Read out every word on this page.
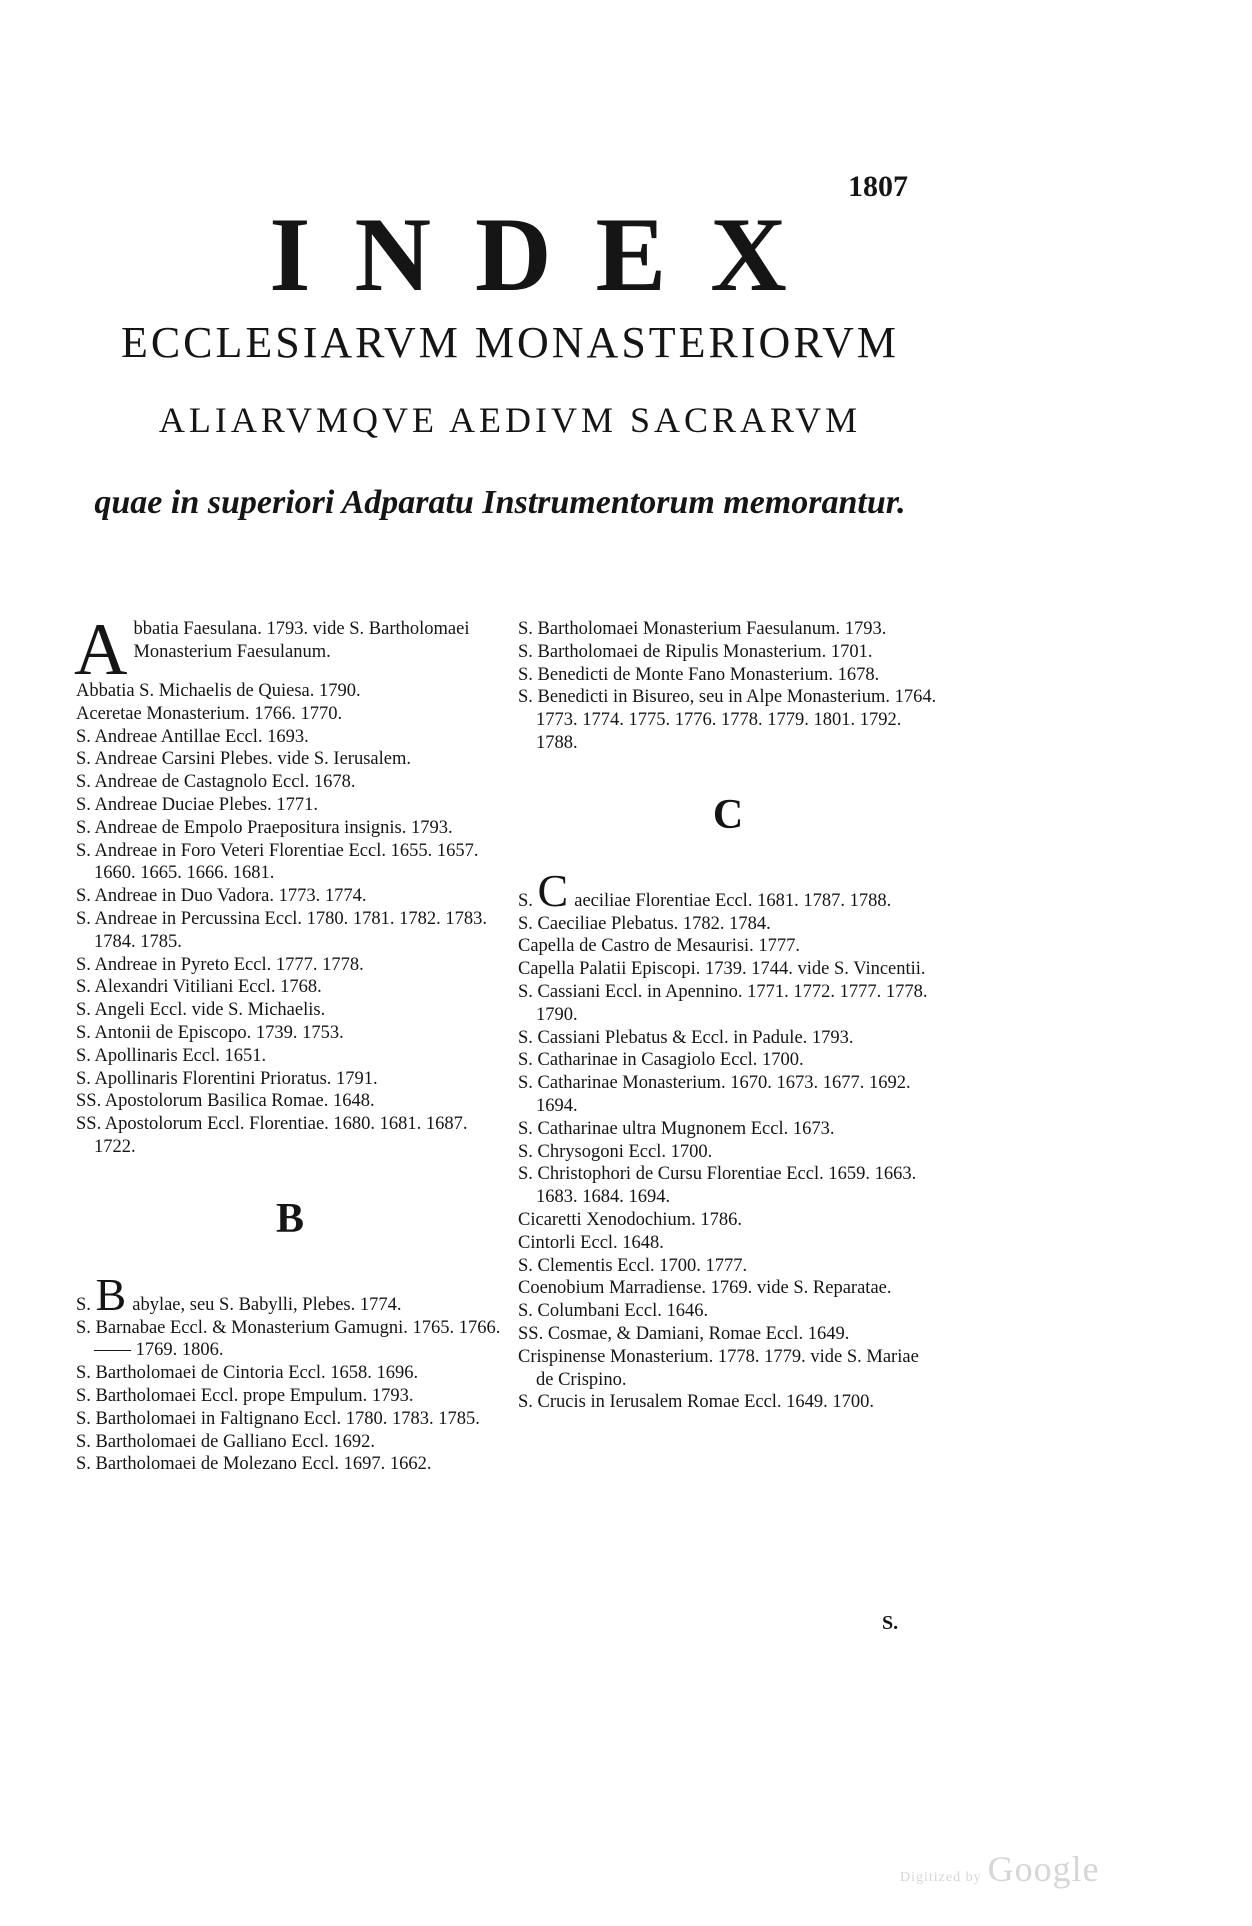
1807
INDEX
ECCLESIARVM MONASTERIORVM
ALIARVMQVE AEDIVM SACRARVM
quae in superiori Adparatu Instrumentorum memorantur.

A bbatia Faesulana. 1793. vide S. Bartholomaei Monasterium Faesulanum.

Abbatia S. Michaelis de Quiesa. 1790.

Aceretae Monasterium. 1766. 1770.

S. Andreae Antillae Eccl. 1693.

S. Andreae Carsini Plebes. vide S. Ierusalem.

S. Andreae de Castagnolo Eccl. 1678.

S. Andreae Duciae Plebes. 1771.

S. Andreae de Empolo Praepositura insignis. 1793.

S. Andreae in Foro Veteri Florentiae Eccl. 1655. 1657. 1660. 1665. 1666. 1681.

S. Andreae in Duo Vadora. 1773. 1774.

S. Andreae in Percussina Eccl. 1780. 1781. 1782. 1783. 1784. 1785.

S. Andreae in Pyreto Eccl. 1777. 1778.

S. Alexandri Vitiliani Eccl. 1768.

S. Angeli Eccl. vide S. Michaelis.

S. Antonii de Episcopo. 1739. 1753.

S. Apollinaris Eccl. 1651.

S. Apollinaris Florentini Prioratus. 1791.

SS. Apostolorum Basilica Romae. 1648.

SS. Apostolorum Eccl. Florentiae. 1680. 1681. 1687. 1722.

B

S. B abylae, seu S. Babylli, Plebes. 1774.

S. Barnabae Eccl. & Monasterium Gamugni. 1765. 1766. —— 1769. 1806.

S. Bartholomaei de Cintoria Eccl. 1658. 1696.

S. Bartholomaei Eccl. prope Empulum. 1793.

S. Bartholomaei in Faltignano Eccl. 1780. 1783. 1785.

S. Bartholomaei de Galliano Eccl. 1692.

S. Bartholomaei de Molezano Eccl. 1697. 1662.

S. Bartholomaei Monasterium Faesulanum. 1793.

S. Bartholomaei de Ripulis Monasterium. 1701.

S. Benedicti de Monte Fano Monasterium. 1678.

S. Benedicti in Bisureo, seu in Alpe Monasterium. 1764. 1773. 1774. 1775. 1776. 1778. 1779. 1801. 1792. 1788.

C

S. C aeciliae Florentiae Eccl. 1681. 1787. 1788.

S. Caeciliae Plebatus. 1782. 1784.

Capella de Castro de Mesaurisi. 1777.

Capella Palatii Episcopi. 1739. 1744. vide S. Vincentii.

S. Cassiani Eccl. in Apennino. 1771. 1772. 1777. 1778. 1790.

S. Cassiani Plebatus & Eccl. in Padule. 1793.

S. Catharinae in Casagiolo Eccl. 1700.

S. Catharinae Monasterium. 1670. 1673. 1677. 1692. 1694.

S. Catharinae ultra Mugnonem Eccl. 1673.

S. Chrysogoni Eccl. 1700.

S. Christophori de Cursu Florentiae Eccl. 1659. 1663. 1683. 1684. 1694.

Cicaretti Xenodochium. 1786.

Cintorli Eccl. 1648.

S. Clementis Eccl. 1700. 1777.

Coenobium Marradiense. 1769. vide S. Reparatae.

S. Columbani Eccl. 1646.

SS. Cosmae, & Damiani, Romae Eccl. 1649.

Crispinense Monasterium. 1778. 1779. vide S. Mariae de Crispino.

S. Crucis in Ierusalem Romae Eccl. 1649. 1700.

S.
Digitized by Google
